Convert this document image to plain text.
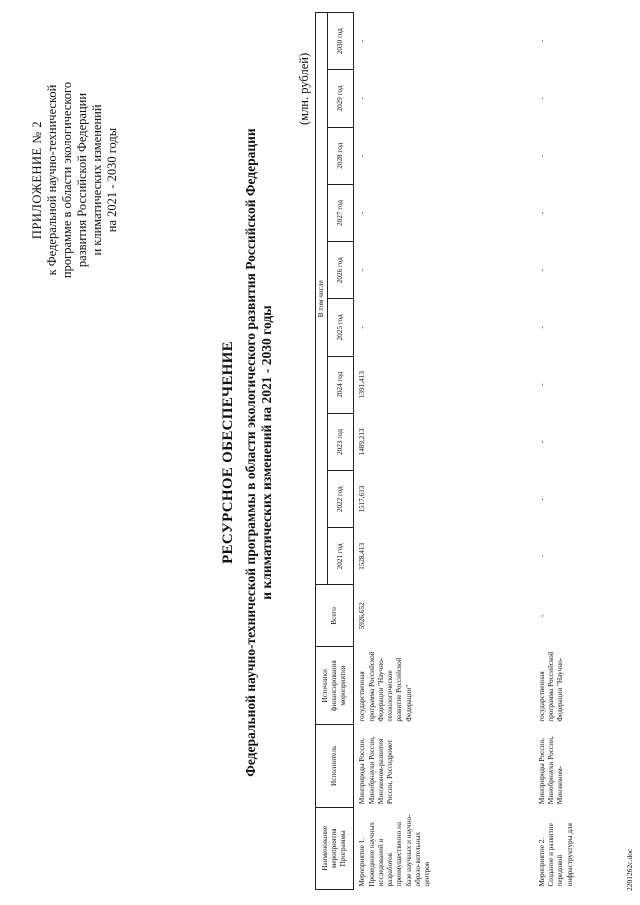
ПРИЛОЖЕНИЕ № 2 к Федеральной научно-технической программе в области экологического развития Российской Федерации и климатических изменений на 2021 - 2030 годы
РЕСУРСНОЕ ОБЕСПЕЧЕНИЕ Федеральной научно-технической программы в области экологического развития Российской Федерации и климатических изменений на 2021 - 2030 годы
(млн. рублей)
Наименование мероприятия Программы	Исполнитель	Источники финансирования мероприятия	Всего	В том числе									
				2021 год	2022 год	2023 год	2024 год	2025 год	2026 год	2027 год	2028 год	2029 год	2030 год
Мероприятие 1. Проведение научных исследований и разработок преимущественно на базе научных и научно-образо-вательных центров	Минприроды России, Минобрнауки России, Минэконом-развития России, Росгидромет	государственная программа Российской Федерации "Научно-технологическое развитие Российской Федерации"	5926,652	1528,413	1517,613	1489,213	1391,413	-	-	-	-	-	-
Мероприятие 2. Создание и развитие передовой инфраструктуры для	Минприроды России, Минобрнауки России, Минэконом-	государственная программа Российской Федерации "Научно-	-	-	-	-	-	-	-	-	-	-	-
2201262c.doc
